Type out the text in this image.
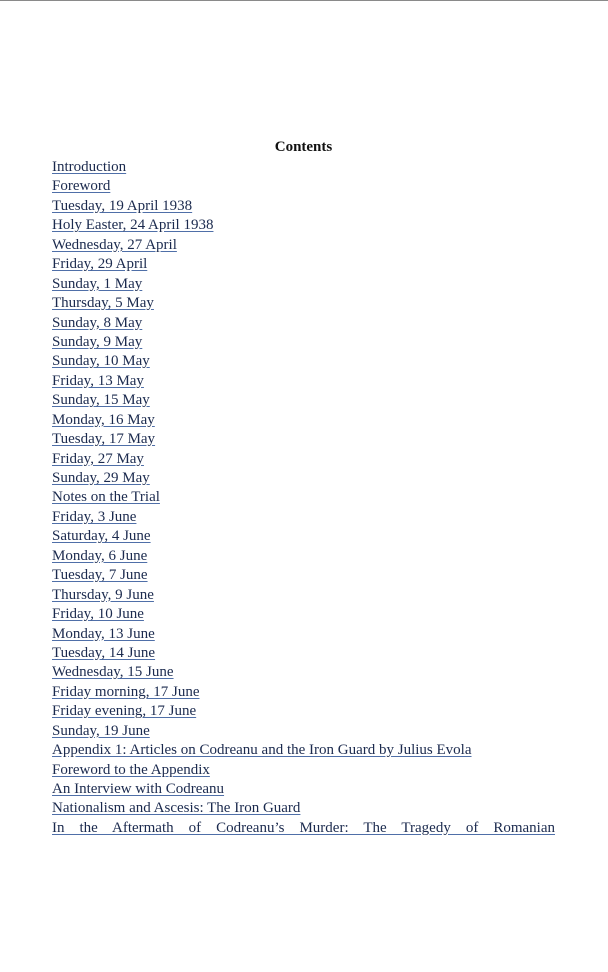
Contents
Introduction
Foreword
Tuesday, 19 April 1938
Holy Easter, 24 April 1938
Wednesday, 27 April
Friday, 29 April
Sunday, 1 May
Thursday, 5 May
Sunday, 8 May
Sunday, 9 May
Sunday, 10 May
Friday, 13 May
Sunday, 15 May
Monday, 16 May
Tuesday, 17 May
Friday, 27 May
Sunday, 29 May
Notes on the Trial
Friday, 3 June
Saturday, 4 June
Monday, 6 June
Tuesday, 7 June
Thursday, 9 June
Friday, 10 June
Monday, 13 June
Tuesday, 14 June
Wednesday, 15 June
Friday morning, 17 June
Friday evening, 17 June
Sunday, 19 June
Appendix 1: Articles on Codreanu and the Iron Guard by Julius Evola
Foreword to the Appendix
An Interview with Codreanu
Nationalism and Ascesis: The Iron Guard
In the Aftermath of Codreanu’s Murder: The Tragedy of Romanian
